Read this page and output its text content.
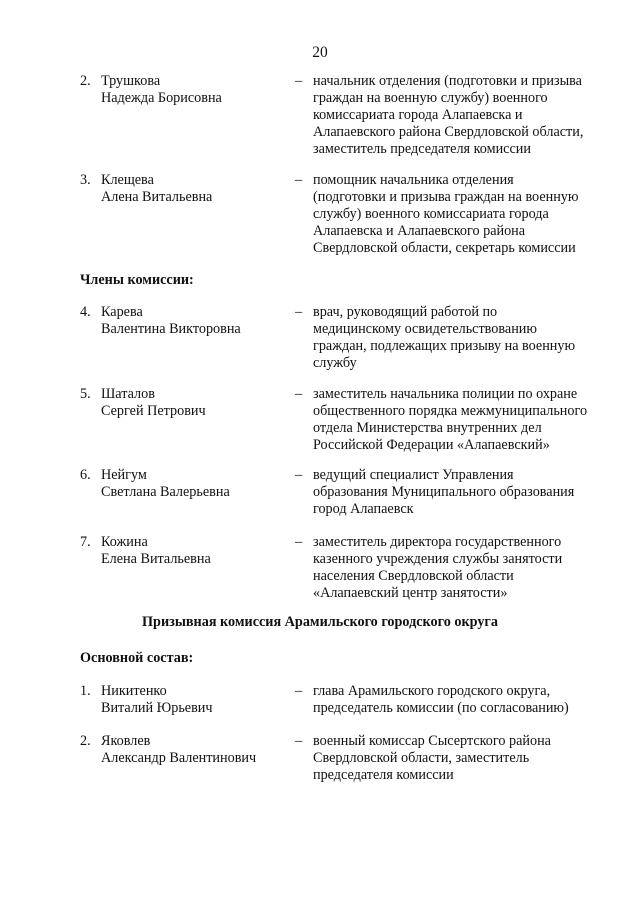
20
2. Трушкова
Надежда Борисовна
– начальник отделения (подготовки и призыва
граждан на военную службу) военного
комиссариата города Алапаевска и
Алапаевского района Свердловской области,
заместитель председателя комиссии
3. Клещева
Алена Витальевна
– помощник начальника отделения
(подготовки и призыва граждан на военную
службу) военного комиссариата города
Алапаевска и Алапаевского района
Свердловской области, секретарь комиссии
Члены комиссии:
4. Карева
Валентина Викторовна
– врач, руководящий работой по
медицинскому освидетельствованию
граждан, подлежащих призыву на военную
службу
5. Шаталов
Сергей Петрович
– заместитель начальника полиции по охране
общественного порядка межмуниципального
отдела Министерства внутренних дел
Российской Федерации «Алапаевский»
6. Нейгум
Светлана Валерьевна
– ведущий специалист Управления
образования Муниципального образования
город Алапаевск
7. Кожина
Елена Витальевна
– заместитель директора государственного
казенного учреждения службы занятости
населения Свердловской области
«Алапаевский центр занятости»
Призывная комиссия Арамильского городского округа
Основной состав:
1. Никитенко
Виталий Юрьевич
– глава Арамильского городского округа,
председатель комиссии (по согласованию)
2. Яковлев
Александр Валентинович
– военный комиссар Сысертского района
Свердловской области, заместитель
председателя комиссии
